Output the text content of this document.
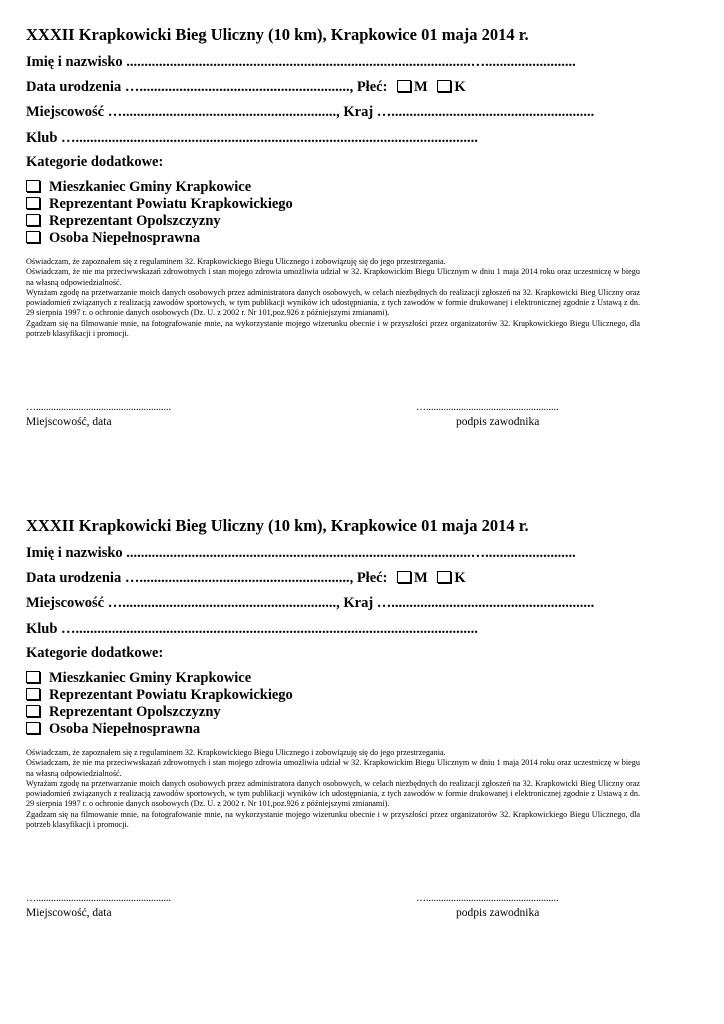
XXXII Krapkowicki Bieg Uliczny (10 km), Krapkowice 01 maja 2014 r.
Imię i nazwisko ...............................................................................................….........................
Data urodzenia ….........................................................., Płeć: M K
Miejscowość …..........................................................., Kraj …........................................................
Klub …...............................................................................................................
Kategorie dodatkowe:
Mieszkaniec Gminy Krapkowice
Reprezentant Powiatu Krapkowickiego
Reprezentant Opolszczyzny
Osoba Niepełnosprawna

Oświadczam, że zapoznałem się z regulaminem 32. Krapkowickiego Biegu Ulicznego i zobowiązuję się do jego przestrzegania.

Oświadczam, że nie ma przeciwwskazań zdrowotnych i stan mojego zdrowia umożliwia udział w 32. Krapkowickim Biegu Ulicznym w dniu 1 maja 2014 roku oraz uczestniczę w biegu na własną odpowiedzialność.

Wyrażam zgodę na przetwarzanie moich danych osobowych przez administratora danych osobowych, w celach niezbędnych do realizacji zgłoszeń na 32. Krapkowicki Bieg Uliczny oraz powiadomień związanych z realizacją zawodów sportowych, w tym publikacji wyników ich udostępniania, z tych zawodów w formie drukowanej i elektronicznej zgodnie z Ustawą z dn. 29 sierpnia 1997 r. o ochronie danych osobowych (Dz. U. z 2002 r. Nr 101,poz.926 z późniejszymi zmianami).

Zgadzam się na filmowanie mnie, na fotografowanie mnie, na wykorzystanie mojego wizerunku obecnie i w przyszłości przez organizatorów 32. Krapkowickiego Biegu Ulicznego, dla potrzeb klasyfikacji i promocji.

…......................................................
Miejscowość, data
….....................................................
podpis zawodnika
XXXII Krapkowicki Bieg Uliczny (10 km), Krapkowice 01 maja 2014 r.
Imię i nazwisko ...............................................................................................….........................
Data urodzenia ….........................................................., Płeć: M K
Miejscowość …..........................................................., Kraj …........................................................
Klub …...............................................................................................................
Kategorie dodatkowe:
Mieszkaniec Gminy Krapkowice
Reprezentant Powiatu Krapkowickiego
Reprezentant Opolszczyzny
Osoba Niepełnosprawna

Oświadczam, że zapoznałem się z regulaminem 32. Krapkowickiego Biegu Ulicznego i zobowiązuję się do jego przestrzegania.

Oświadczam, że nie ma przeciwwskazań zdrowotnych i stan mojego zdrowia umożliwia udział w 32. Krapkowickim Biegu Ulicznym w dniu 1 maja 2014 roku oraz uczestniczę w biegu na własną odpowiedzialność.

Wyrażam zgodę na przetwarzanie moich danych osobowych przez administratora danych osobowych, w celach niezbędnych do realizacji zgłoszeń na 32. Krapkowicki Bieg Uliczny oraz powiadomień związanych z realizacją zawodów sportowych, w tym publikacji wyników ich udostępniania, z tych zawodów w formie drukowanej i elektronicznej zgodnie z Ustawą z dn. 29 sierpnia 1997 r. o ochronie danych osobowych (Dz. U. z 2002 r. Nr 101,poz.926 z późniejszymi zmianami).

Zgadzam się na filmowanie mnie, na fotografowanie mnie, na wykorzystanie mojego wizerunku obecnie i w przyszłości przez organizatorów 32. Krapkowickiego Biegu Ulicznego, dla potrzeb klasyfikacji i promocji.

…......................................................
Miejscowość, data
….....................................................
podpis zawodnika
